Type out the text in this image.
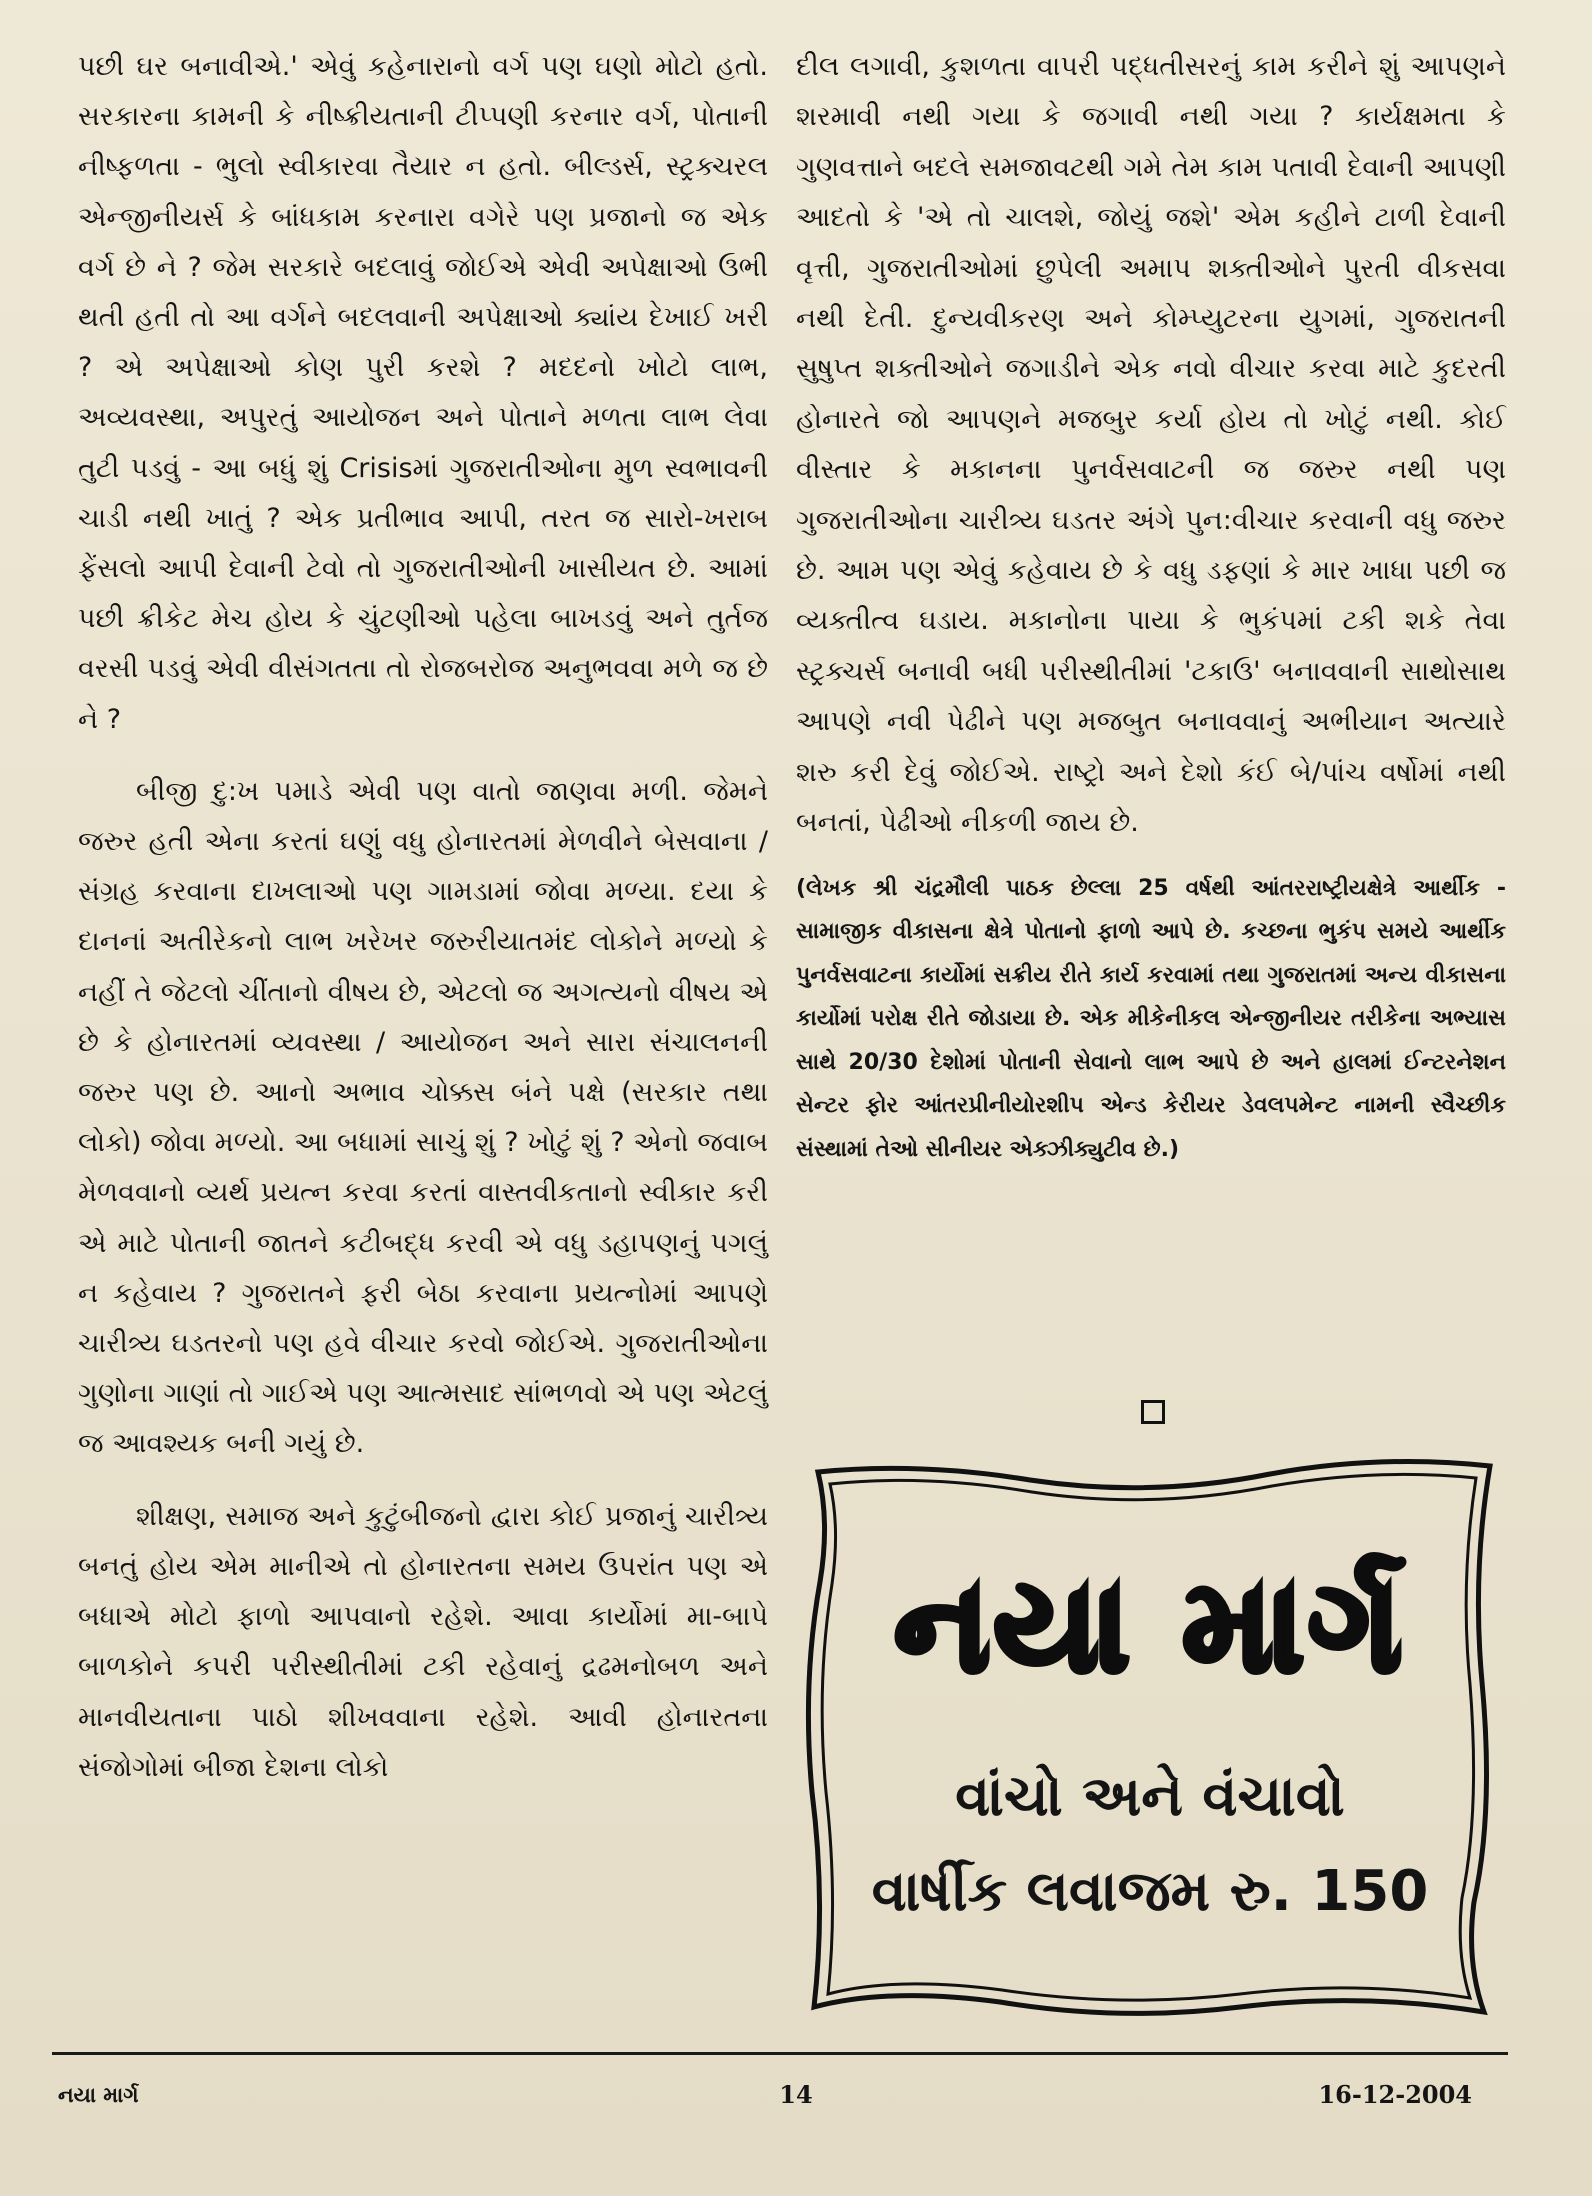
પછી ઘર બનાવીએ.' એવું કહેનારાનો વર્ગ પણ ઘણો મોટો હતો. સરકારના કામની કે નીષ્ક્રીયતાની ટીપ્પણી કરનાર વર્ગ, પોતાની નીષ્ફળતા - ભુલો સ્વીકારવા તૈયાર ન હતો. બીલ્ડર્સ, સ્ટ્રક્ચરલ એન્જીનીયર્સ કે બાંધકામ કરનારા વગેરે પણ પ્રજાનો જ એક વર્ગ છે ને ? જેમ સરકારે બદલાવું જોઈએ એવી અપેક્ષાઓ ઉભી થતી હતી તો આ વર્ગને બદલવાની અપેક્ષાઓ ક્યાંય દેખાઈ ખરી ? એ અપેક્ષાઓ કોણ પુરી કરશે ? મદદનો ખોટો લાભ, અવ્યવસ્થા, અપુરતું આયોજન અને પોતાને મળતા લાભ લેવા તુટી પડવું - આ બધું શું Crisisમાં ગુજરાતીઓના મુળ સ્વભાવની ચાડી નથી ખાતું ? એક પ્રતીભાવ આપી, તરત જ સારો-ખરાબ ફેંસલો આપી દેવાની ટેવો તો ગુજરાતીઓની ખાસીયત છે. આમાં પછી ક્રીકેટ મેચ હોય કે ચુંટણીઓ પહેલા બાખડવું અને તુર્તજ વરસી પડવું એવી વીસંગતતા તો રોજબરોજ અનુભવવા મળે જ છે ને ?

બીજી દુ:ખ પમાડે એવી પણ વાતો જાણવા મળી. જેમને જરુર હતી એના કરતાં ઘણું વધુ હોનારતમાં મેળવીને બેસવાના / સંગ્રહ કરવાના દાખલાઓ પણ ગામડામાં જોવા મળ્યા. દયા કે દાનનાં અતીરેકનો લાભ ખરેખર જરુરીયાતમંદ લોકોને મળ્યો કે નહીં તે જેટલો ચીંતાનો વીષય છે, એટલો જ અગત્યનો વીષય એ છે કે હોનારતમાં વ્યવસ્થા / આયોજન અને સારા સંચાલનની જરુર પણ છે. આનો અભાવ ચોક્કસ બંને પક્ષે (સરકાર તથા લોકો) જોવા મળ્યો. આ બધામાં સાચું શું ? ખોટું શું ? એનો જવાબ મેળવવાનો વ્યર્થ પ્રયત્ન કરવા કરતાં વાસ્તવીકતાનો સ્વીકાર કરી એ માટે પોતાની જાતને કટીબદ્ધ કરવી એ વધુ ડહાપણનું પગલું ન કહેવાય ? ગુજરાતને ફરી બેઠા કરવાના પ્રયત્નોમાં આપણે ચારીત્ર્ય ઘડતરનો પણ હવે વીચાર કરવો જોઈએ. ગુજરાતીઓના ગુણોના ગાણાં તો ગાઈએ પણ આત્મસાદ સાંભળવો એ પણ એટલું જ આવશ્યક બની ગયું છે.

શીક્ષણ, સમાજ અને કુટુંબીજનો દ્વારા કોઈ પ્રજાનું ચારીત્ર્ય બનતું હોય એમ માનીએ તો હોનારતના સમય ઉપરાંત પણ એ બધાએ મોટો ફાળો આપવાનો રહેશે. આવા કાર્યોમાં મા-બાપે બાળકોને કપરી પરીસ્થીતીમાં ટકી રહેવાનું દ્રઢમનોબળ અને માનવીયતાના પાઠો શીખવવાના રહેશે. આવી હોનારતના સંજોગોમાં બીજા દેશના લોકો

દીલ લગાવી, કુશળતા વાપરી પદ્ધતીસરનું કામ કરીને શું આપણને શરમાવી નથી ગયા કે જગાવી નથી ગયા ? કાર્યક્ષમતા કે ગુણવત્તાને બદલે સમજાવટથી ગમે તેમ કામ પતાવી દેવાની આપણી આદતો કે 'એ તો ચાલશે, જોયું જશે' એમ કહીને ટાળી દેવાની વૃત્તી, ગુજરાતીઓમાં છુપેલી અમાપ શક્તીઓને પુરતી વીકસવા નથી દેતી. દુન્યવીકરણ અને કોમ્પ્યુટરના યુગમાં, ગુજરાતની સુષુપ્ત શક્તીઓને જગાડીને એક નવો વીચાર કરવા માટે કુદરતી હોનારતે જો આપણને મજબુર કર્યા હોય તો ખોટું નથી. કોઈ વીસ્તાર કે મકાનના પુનર્વસવાટની જ જરુર નથી પણ ગુજરાતીઓના ચારીત્ર્ય ઘડતર અંગે પુન:વીચાર કરવાની વધુ જરુર છે. આમ પણ એવું કહેવાય છે કે વધુ ડફણાં કે માર ખાધા પછી જ વ્યક્તીત્વ ઘડાય. મકાનોના પાયા કે ભુકંપમાં ટકી શકે તેવા સ્ટ્રક્ચર્સ બનાવી બધી પરીસ્થીતીમાં 'ટકાઉ' બનાવવાની સાથોસાથ આપણે નવી પેઢીને પણ મજબુત બનાવવાનું અભીયાન અત્યારે શરુ કરી દેવું જોઈએ. રાષ્ટ્રો અને દેશો કંઈ બે/પાંચ વર્ષોમાં નથી બનતાં, પેઢીઓ નીકળી જાય છે.

(લેખક શ્રી ચંદ્રમૌલી પાઠક છેલ્લા 25 વર્ષથી આંતરરાષ્ટ્રીયક્ષેત્રે આર્થીક - સામાજીક વીકાસના ક્ષેત્રે પોતાનો ફાળો આપે છે. કચ્છના ભુકંપ સમયે આર્થીક પુનર્વસવાટના કાર્યોમાં સક્રીય રીતે કાર્ય કરવામાં તથા ગુજરાતમાં અન્ય વીકાસના કાર્યોમાં પરોક્ષ રીતે જોડાયા છે. એક મીકેનીકલ એન્જીનીયર તરીકેના અભ્યાસ સાથે 20/30 દેશોમાં પોતાની સેવાનો લાભ આપે છે અને હાલમાં ઈન્ટરનેશન સેન્ટર ફોર આંતરપ્રીનીયોરશીપ એન્ડ કેરીયર ડેવલપમેન્ટ નામની સ્વૈચ્છીક સંસ્થામાં તેઓ સીનીયર એક્ઝીક્યુટીવ છે.)

નયા માર્ગ
વાંચો અને વંચાવો
વાર્ષીક લવાજમ રુ. 150
નયા માર્ગ	14	16-12-2004
